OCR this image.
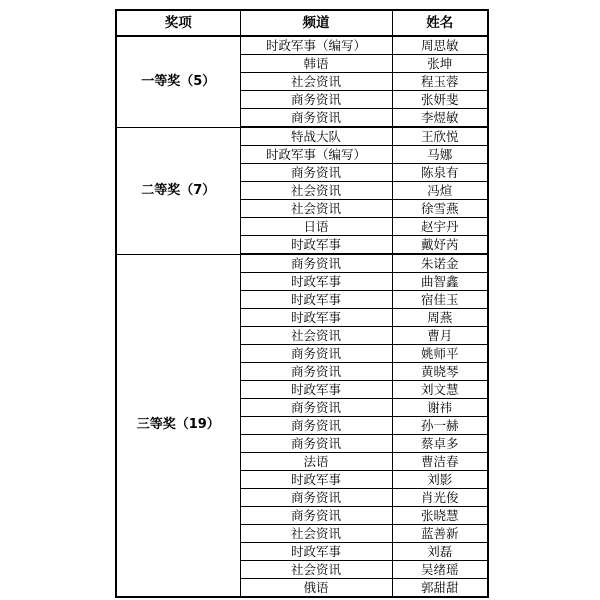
奖项	频道	姓名
一等奖（5）	时政军事（编写）	周思敏
	韩语	张坤
	社会资讯	程玉蓉
	商务资讯	张妍斐
	商务资讯	李煜敏
二等奖（7）	特战大队	王欣悦
	时政军事（编写）	马娜
	商务资讯	陈泉有
	社会资讯	冯煊
	社会资讯	徐雪燕
	日语	赵宇丹
	时政军事	戴妤芮
三等奖（19）	商务资讯	朱诺金
	时政军事	曲智鑫
	时政军事	宿佳玉
	时政军事	周燕
	社会资讯	曹月
	商务资讯	姚师平
	商务资讯	黄晓琴
	时政军事	刘文慧
	商务资讯	谢祎
	商务资讯	孙一赫
	商务资讯	蔡卓多
	法语	曹洁春
	时政军事	刘影
	商务资讯	肖光俊
	商务资讯	张晓慧
	社会资讯	蓝善新
	时政军事	刘磊
	社会资讯	吴绪瑶
	俄语	郭甜甜
